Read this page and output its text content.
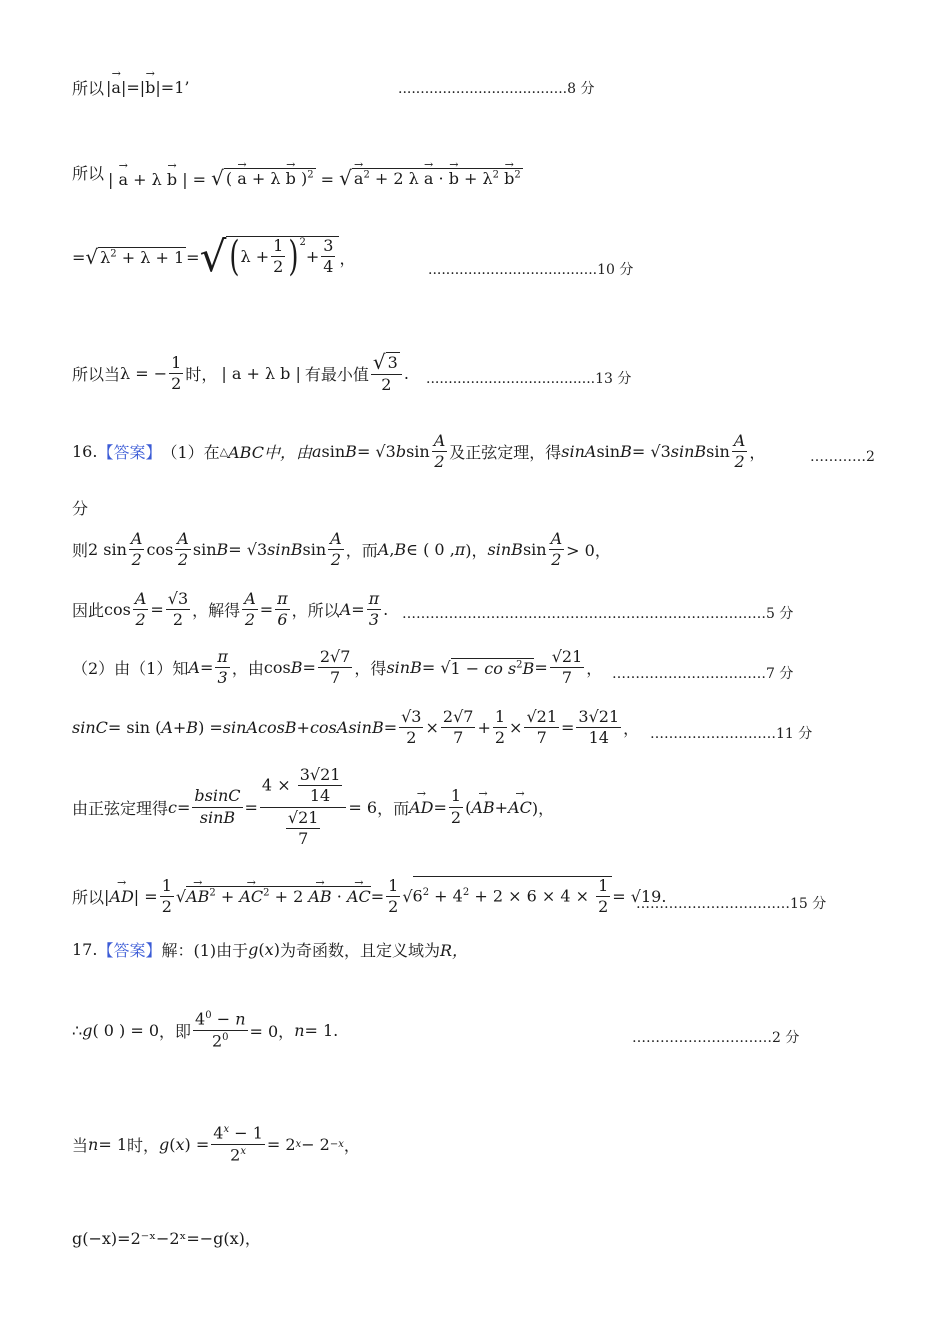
所以 |→ a|=|→ b|=1’	......................................8 分
所以 | → a + λ → b | = √ ( → a + λ → b )$^2$ = √ → $a^2 + 2$ λ → a · → $b + \lambda^2 \to b^2$
= √ $\lambda^2 + \lambda + 1$ = √ ( $\lambda + \frac{1}{2} )^2$
+ $\frac{3}{4}$ ，
......................................10 分
所以当 λ = − $\frac{1}{2}$ 时， | a + λ b | 有最小值 $\frac{√ 3}{2}$ . ......................................13 分
16. 【答案】 （1）在 △ ABC中，由 a sin B = √3 b $\sin \frac{A}{2}$ 及正弦定理，得 sinA sin B = √3 sinB $\sin \frac{A}{2}$ ，	…………2
分
则 2 $\sin \frac{A}{2}$ $\cos \frac{A}{2}$ sin B = √3 sinB $\sin \frac{A}{2}$ ，而 A , B ∈ ( 0 , π )， sinB $\sin \frac{A}{2} > 0$，
因此 $\cos \frac{A}{2} = \frac{√3}{2}$ ，解得 $\frac{A}{2} = \frac{\pi}{6}$ ，所以 $A = \frac{\pi}{3}$ . ……………………………………………………………………5 分
（2）由（1）知 $A = \frac{\pi}{3}$ ，由 $\cos B = \frac{2√7}{7}$ ，得 sinB = √ 1 − co $s^2B = \frac{√21}{7}$ ， ……………………………7 分
sinC = sin ( A + B ) = sinAcosB + cosAsinB = $\frac{√3}{2} \times \frac{2√7}{7} + \frac{1}{2} \times \frac{√21}{7} = \frac{3√21}{14}$ ， ………………………11 分
由正弦定理得 $c = \frac{bsinC}{\sin B} = \frac{4 \times \frac{3√21}{14}}{\frac{√21}{7}} = 6$ ，而 → AD = $\frac{1}{2}$ ( → AB + → AC )，
所以 | → AD | = $\frac{1}{2}$ √ → $AB^2$ + → $AC^2 + 2$ → AB · → AC = $\frac{1}{2}$ √ $6^2 + 4^2 + 2 \times 6 \times 4 \times \frac{1}{2} = √19$.
……………………………15 分
17. 【答案】 解： (1)由于 g ( x ) 为奇函数，且定义域为 R，
∴ g ( 0 ) = 0 ，即 $\frac{4^0 - n}{2^0} = 0$， n = 1.	…………………………2 分
当 n = 1 时， g ( x ) = $\frac{4^x - 1}{2^x} = 2$ x − 2 −x ，
g(−x)=2⁻ˣ−2ˣ=−g(x)，
